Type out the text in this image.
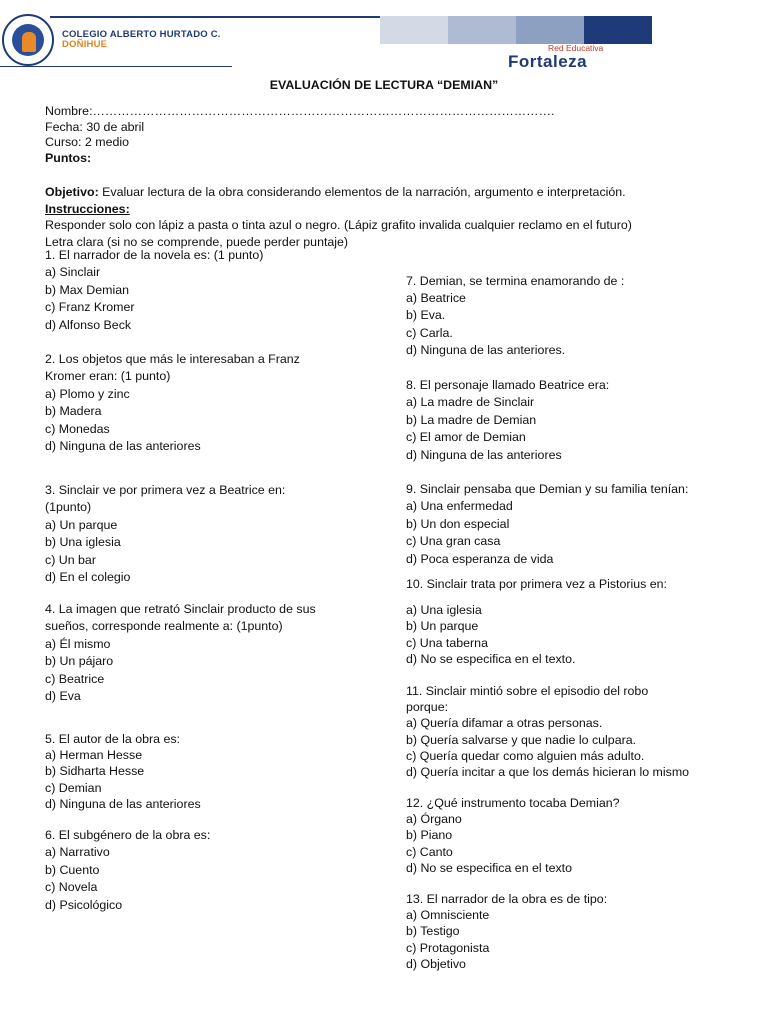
COLEGIO ALBERTO HURTADO C.
DOÑIHUE	Red Educativa
Fortaleza
EVALUACIÓN DE LECTURA “DEMIAN”
Nombre:………………………………………………………………………………………………….
Fecha: 30 de abril
Curso: 2 medio
Puntos:
Objetivo: Evaluar lectura de la obra considerando elementos de la narración, argumento e interpretación.
Instrucciones:
Responder solo con lápiz a pasta o tinta azul o negro. (Lápiz grafito invalida cualquier reclamo en el futuro)
Letra clara (si no se comprende, puede perder puntaje)
1. El narrador de la novela es: (1 punto)
a) Sinclair
b) Max Demian
c) Franz Kromer
d) Alfonso Beck
2. Los objetos que más le interesaban a Franz
Kromer eran: (1 punto)
a) Plomo y zinc
b) Madera
c) Monedas
d) Ninguna de las anteriores
3. Sinclair ve por primera vez a Beatrice en:
(1punto)
a) Un parque
b) Una iglesia
c) Un bar
d) En el colegio
4. La imagen que retrató Sinclair producto de sus
sueños, corresponde realmente a: (1punto)
a) Él mismo
b) Un pájaro
c) Beatrice
d) Eva
5. El autor de la obra es:
a) Herman Hesse
b) Sidharta Hesse
c) Demian
d) Ninguna de las anteriores
6. El subgénero de la obra es:
a) Narrativo
b) Cuento
c) Novela
d) Psicológico
7. Demian, se termina enamorando de :
a) Beatrice
b) Eva.
c) Carla.
d) Ninguna de las anteriores.
8. El personaje llamado Beatrice era:
a) La madre de Sinclair
b) La madre de Demian
c) El amor de Demian
d) Ninguna de las anteriores
9. Sinclair pensaba que Demian y su familia tenían:
a) Una enfermedad
b) Un don especial
c) Una gran casa
d) Poca esperanza de vida
10. Sinclair trata por primera vez a Pistorius en:
a) Una iglesia
b) Un parque
c) Una taberna
d) No se especifica en el texto.
11. Sinclair mintió sobre el episodio del robo
porque:
a) Quería difamar a otras personas.
b) Quería salvarse y que nadie lo culpara.
c) Quería quedar como alguien más adulto.
d) Quería incitar a que los demás hicieran lo mismo
12. ¿Qué instrumento tocaba Demian?
a) Órgano
b) Piano
c) Canto
d) No se especifica en el texto
13. El narrador de la obra es de tipo:
a) Omnisciente
b) Testigo
c) Protagonista
d) Objetivo
